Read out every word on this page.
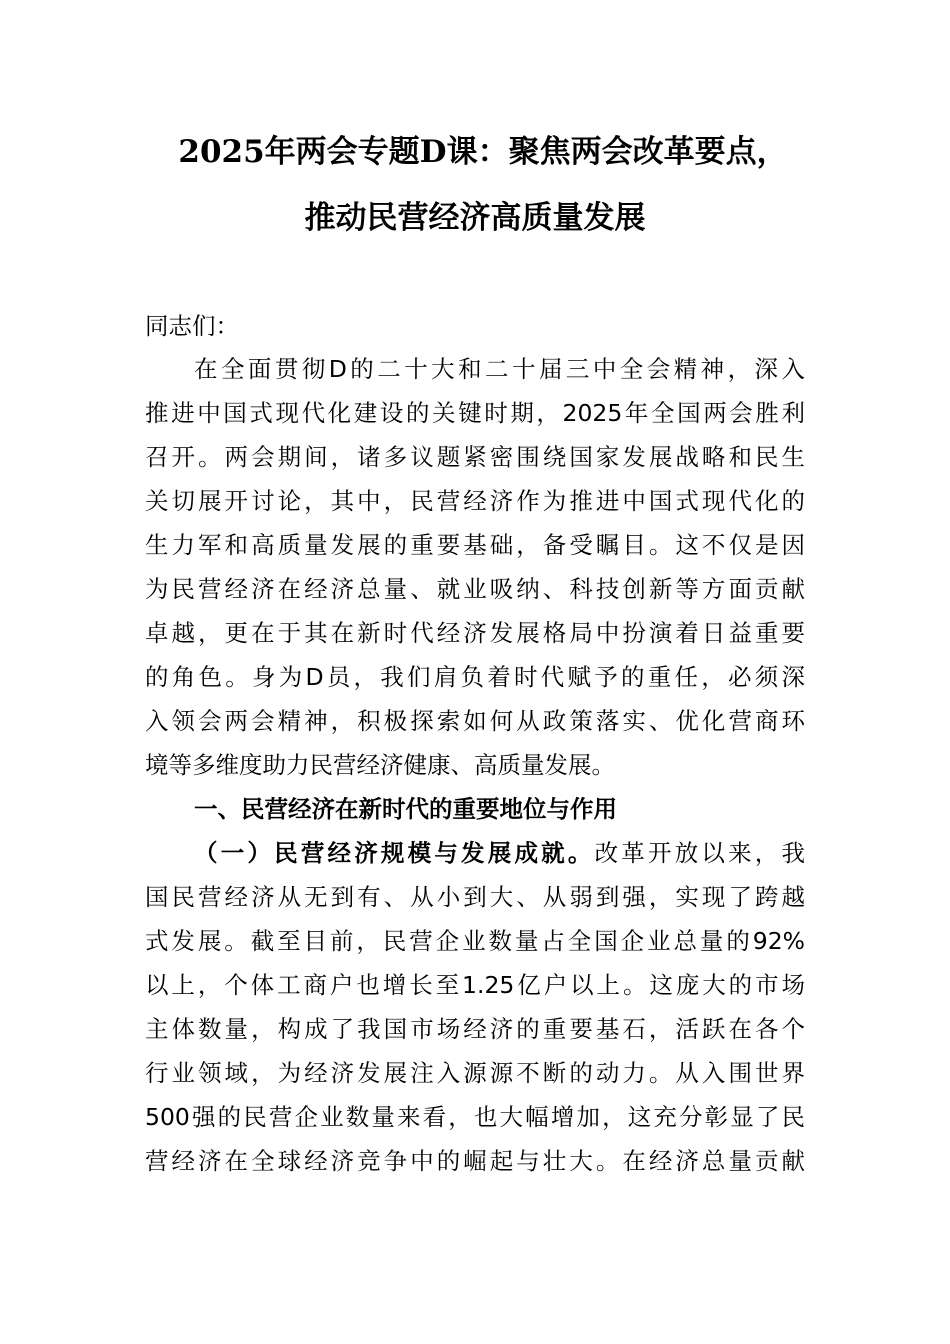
2025年两会专题D课：聚焦两会改革要点，
推动民营经济高质量发展
同志们：
在全面贯彻D的二十大和二十届三中全会精神，深入
推进中国式现代化建设的关键时期，2025年全国两会胜利
召开。两会期间，诸多议题紧密围绕国家发展战略和民生
关切展开讨论，其中，民营经济作为推进中国式现代化的
生力军和高质量发展的重要基础，备受瞩目。这不仅是因
为民营经济在经济总量、就业吸纳、科技创新等方面贡献
卓越，更在于其在新时代经济发展格局中扮演着日益重要
的角色。身为D员，我们肩负着时代赋予的重任，必须深
入领会两会精神，积极探索如何从政策落实、优化营商环
境等多维度助力民营经济健康、高质量发展。
一、民营经济在新时代的重要地位与作用
（一）民营经济规模与发展成就。改革开放以来，我
国民营经济从无到有、从小到大、从弱到强，实现了跨越
式发展。截至目前，民营企业数量占全国企业总量的92%
以上，个体工商户也增长至1.25亿户以上。这庞大的市场
主体数量，构成了我国市场经济的重要基石，活跃在各个
行业领域，为经济发展注入源源不断的动力。从入围世界
500强的民营企业数量来看，也大幅增加，这充分彰显了民
营经济在全球经济竞争中的崛起与壮大。在经济总量贡献
